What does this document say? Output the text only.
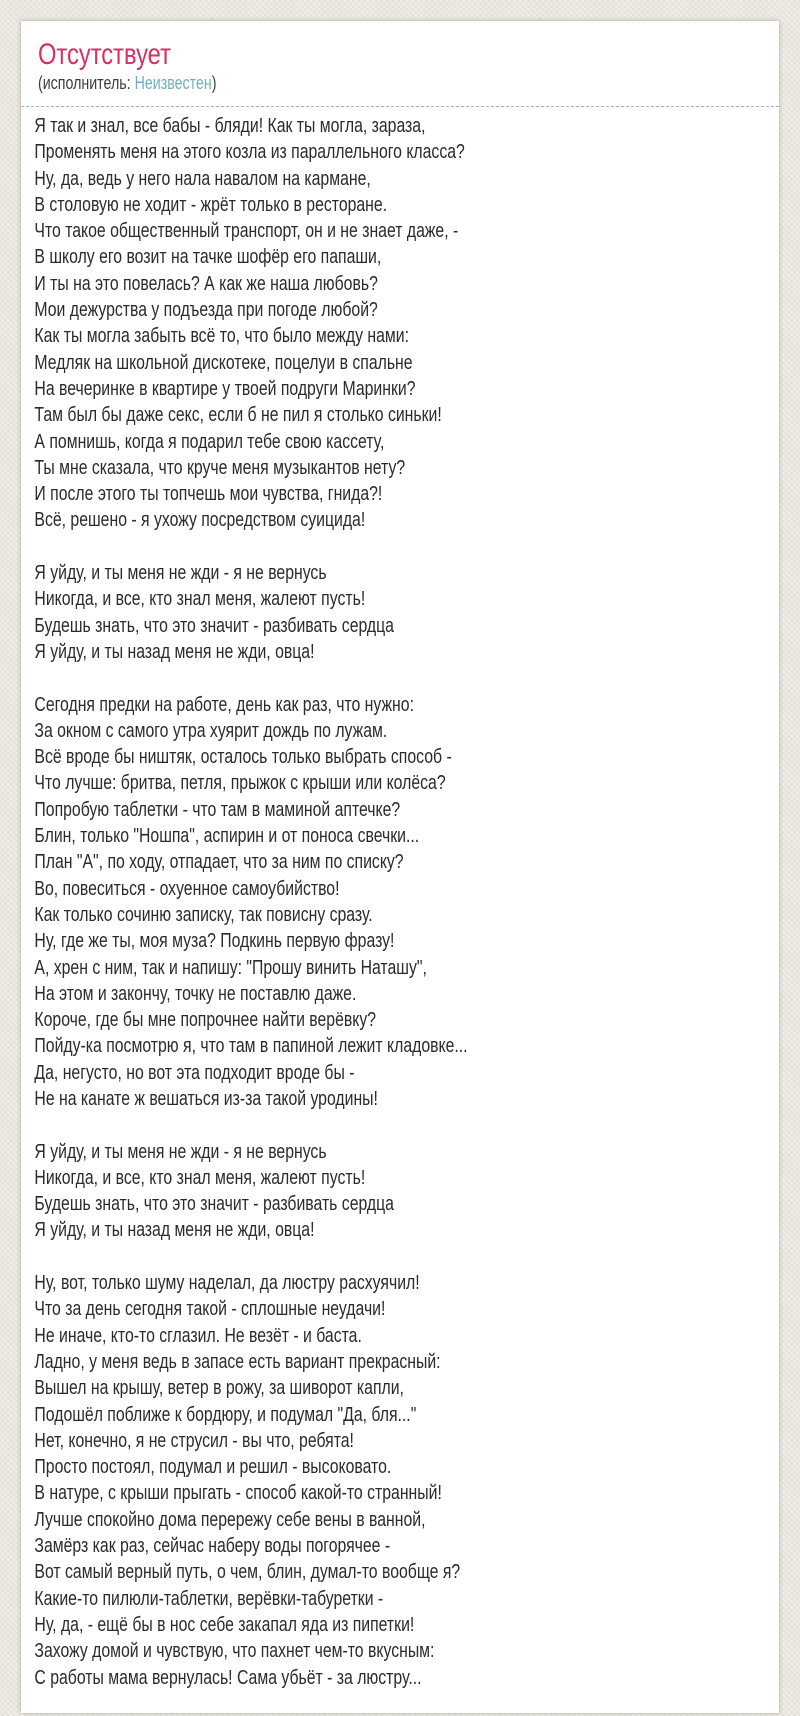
Отсутствует
(исполнитель: Неизвестен)
Я так и знал, все бабы - бляди! Как ты могла, зараза,
Променять меня на этого козла из параллельного класса?
Ну, да, ведь у него нала навалом на кармане,
В столовую не ходит - жрёт только в ресторане.
Что такое общественный транспорт, он и не знает даже, -
В школу его возит на тачке шофёр его папаши,
И ты на это повелась? А как же наша любовь?
Мои дежурства у подъезда при погоде любой?
Как ты могла забыть всё то, что было между нами:
Медляк на школьной дискотеке, поцелуи в спальне
На вечеринке в квартире у твоей подруги Маринки?
Там был бы даже секс, если б не пил я столько синьки!
А помнишь, когда я подарил тебе свою кассету,
Ты мне сказала, что круче меня музыкантов нету?
И после этого ты топчешь мои чувства, гнида?!
Всё, решено - я ухожу посредством суицида!
Я уйду, и ты меня не жди - я не вернусь
Никогда, и все, кто знал меня, жалеют пусть!
Будешь знать, что это значит - разбивать сердца
Я уйду, и ты назад меня не жди, овца!
Сегодня предки на работе, день как раз, что нужно:
За окном с самого утра хуярит дождь по лужам.
Всё вроде бы ништяк, осталось только выбрать способ -
Что лучше: бритва, петля, прыжок с крыши или колёса?
Попробую таблетки - что там в маминой аптечке?
Блин, только "Ношпа", аспирин и от поноса свечки...
План "А", по ходу, отпадает, что за ним по списку?
Во, повеситься - охуенное самоубийство!
Как только сочиню записку, так повисну сразу.
Ну, где же ты, моя муза? Подкинь первую фразу!
А, хрен с ним, так и напишу: "Прошу винить Наташу",
На этом и закончу, точку не поставлю даже.
Короче, где бы мне попрочнее найти верёвку?
Пойду-ка посмотрю я, что там в папиной лежит кладовке...
Да, негусто, но вот эта подходит вроде бы -
Не на канате ж вешаться из-за такой уродины!
Я уйду, и ты меня не жди - я не вернусь
Никогда, и все, кто знал меня, жалеют пусть!
Будешь знать, что это значит - разбивать сердца
Я уйду, и ты назад меня не жди, овца!
Ну, вот, только шуму наделал, да люстру расхуячил!
Что за день сегодня такой - сплошные неудачи!
Не иначе, кто-то сглазил. Не везёт - и баста.
Ладно, у меня ведь в запасе есть вариант прекрасный:
Вышел на крышу, ветер в рожу, за шиворот капли,
Подошёл поближе к бордюру, и подумал "Да, бля..."
Нет, конечно, я не струсил - вы что, ребята!
Просто постоял, подумал и решил - высоковато.
В натуре, с крыши прыгать - способ какой-то странный!
Лучше спокойно дома перережу себе вены в ванной,
Замёрз как раз, сейчас наберу воды погорячее -
Вот самый верный путь, о чем, блин, думал-то вообще я?
Какие-то пилюли-таблетки, верёвки-табуретки -
Ну, да, - ещё бы в нос себе закапал яда из пипетки!
Захожу домой и чувствую, что пахнет чем-то вкусным:
С работы мама вернулась! Сама убьёт - за люстру...
